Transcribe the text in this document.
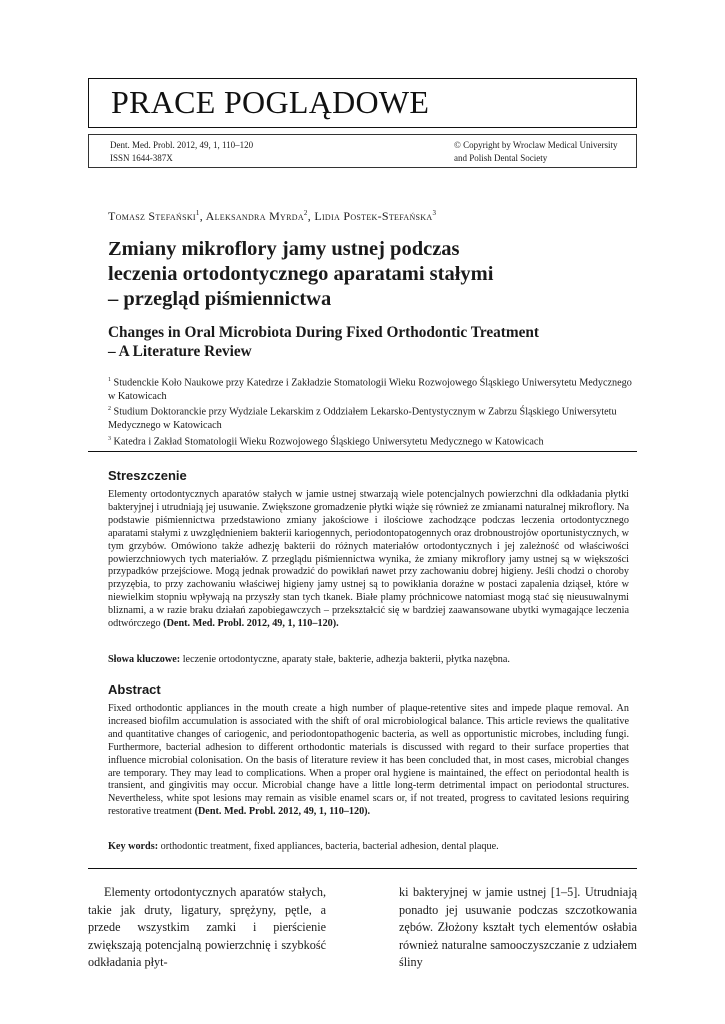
PRACE POGLĄDOWE
Dent. Med. Probl. 2012, 49, 1, 110–120
ISSN 1644-387X
© Copyright by Wroclaw Medical University
and Polish Dental Society
Tomasz Stefański$^1$, Aleksandra Myrda$^2$, Lidia Postek-Stefańska$^3$
Zmiany mikroflory jamy ustnej podczas
leczenia ortodontycznego aparatami stałymi
– przegląd piśmiennictwa
Changes in Oral Microbiota During Fixed Orthodontic Treatment
– A Literature Review
$^1$ Studenckie Koło Naukowe przy Katedrze i Zakładzie Stomatologii Wieku Rozwojowego Śląskiego Uniwersytetu Medycznego w Katowicach
$^2$ Studium Doktoranckie przy Wydziale Lekarskim z Oddziałem Lekarsko-Dentystycznym w Zabrzu Śląskiego Uniwersytetu Medycznego w Katowicach
$^3$ Katedra i Zakład Stomatologii Wieku Rozwojowego Śląskiego Uniwersytetu Medycznego w Katowicach
Streszczenie
Elementy ortodontycznych aparatów stałych w jamie ustnej stwarzają wiele potencjalnych powierzchni dla odkładania płytki bakteryjnej i utrudniają jej usuwanie. Zwiększone gromadzenie płytki wiąże się również ze zmianami naturalnej mikroflory. Na podstawie piśmiennictwa przedstawiono zmiany jakościowe i ilościowe zachodzące podczas leczenia ortodontycznego aparatami stałymi z uwzględnieniem bakterii kariogennych, periodontopatogennych oraz drobnoustrojów oportunistycznych, w tym grzybów. Omówiono także adhezję bakterii do różnych materiałów ortodontycznych i jej zależność od właściwości powierzchniowych tych materiałów. Z przeglądu piśmiennictwa wynika, że zmiany mikroflory jamy ustnej są w większości przypadków przejściowe. Mogą jednak prowadzić do powikłań nawet przy zachowaniu dobrej higieny. Jeśli chodzi o choroby przyzębia, to przy zachowaniu właściwej higieny jamy ustnej są to powikłania doraźne w postaci zapalenia dziąseł, które w niewielkim stopniu wpływają na przyszły stan tych tkanek. Białe plamy próchnicowe natomiast mogą stać się nieusuwalnymi bliznami, a w razie braku działań zapobiegawczych – przekształcić się w bardziej zaawansowane ubytki wymagające leczenia odtwórczego (Dent. Med. Probl. 2012, 49, 1, 110–120).
Słowa kluczowe: leczenie ortodontyczne, aparaty stałe, bakterie, adhezja bakterii, płytka nazębna.
Abstract
Fixed orthodontic appliances in the mouth create a high number of plaque-retentive sites and impede plaque removal. An increased biofilm accumulation is associated with the shift of oral microbiological balance. This article reviews the qualitative and quantitative changes of cariogenic, and periodontopathogenic bacteria, as well as opportunistic microbes, including fungi. Furthermore, bacterial adhesion to different orthodontic materials is discussed with regard to their surface properties that influence microbial colonisation. On the basis of literature review it has been concluded that, in most cases, microbial changes are temporary. They may lead to complications. When a proper oral hygiene is maintained, the effect on periodontal health is transient, and gingivitis may occur. Microbial change have a little long-term detrimental impact on periodontal structures. Nevertheless, white spot lesions may remain as visible enamel scars or, if not treated, progress to cavitated lesions requiring restorative treatment (Dent. Med. Probl. 2012, 49, 1, 110–120).
Key words: orthodontic treatment, fixed appliances, bacteria, bacterial adhesion, dental plaque.
Elementy ortodontycznych aparatów stałych, takie jak druty, ligatury, sprężyny, pętle, a przede wszystkim zamki i pierścienie zwiększają potencjalną powierzchnię i szybkość odkładania płyt-
ki bakteryjnej w jamie ustnej [1–5]. Utrudniają ponadto jej usuwanie podczas szczotkowania zębów. Złożony kształt tych elementów osłabia również naturalne samooczyszczanie z udziałem śliny
